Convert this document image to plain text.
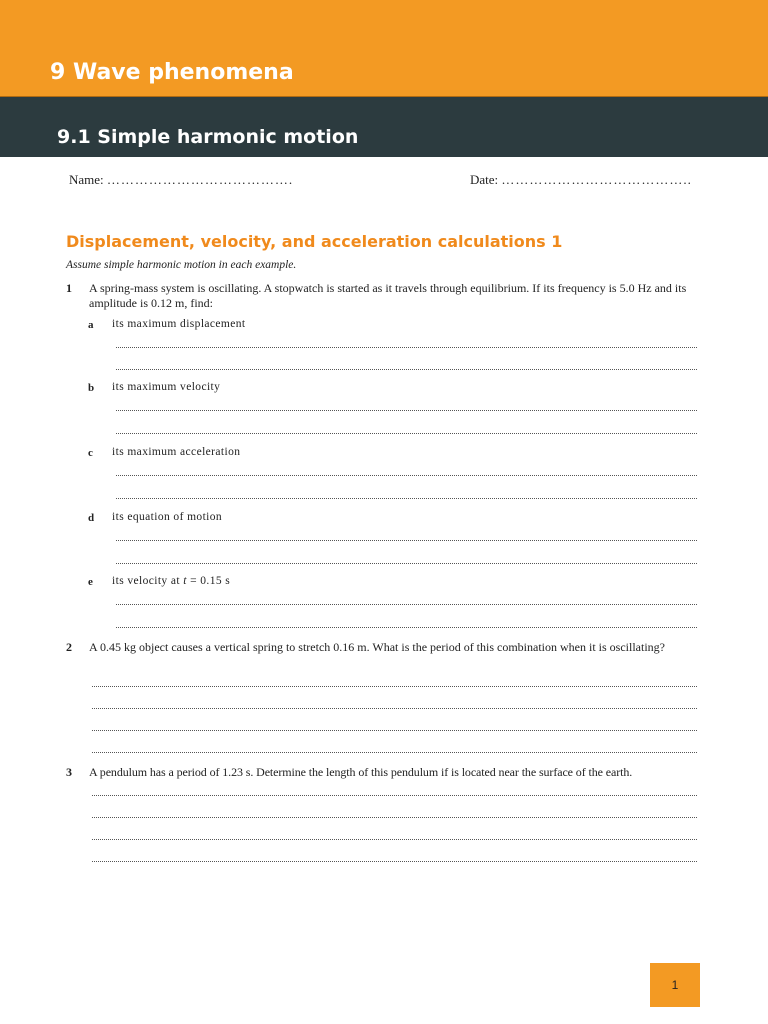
9 Wave phenomena
9.1 Simple harmonic motion
Name: ………………………………….	Date: …………………………………..
Displacement, velocity, and acceleration calculations 1
Assume simple harmonic motion in each example.
1 A spring-mass system is oscillating. A stopwatch is started as it travels through equilibrium. If its frequency is 5.0 Hz and its amplitude is 0.12 m, find:
a its maximum displacement
b its maximum velocity
c its maximum acceleration
d its equation of motion
e its velocity at t = 0.15 s
2 A 0.45 kg object causes a vertical spring to stretch 0.16 m. What is the period of this combination when it is oscillating?
3 A pendulum has a period of 1.23 s. Determine the length of this pendulum if is located near the surface of the earth.
1
